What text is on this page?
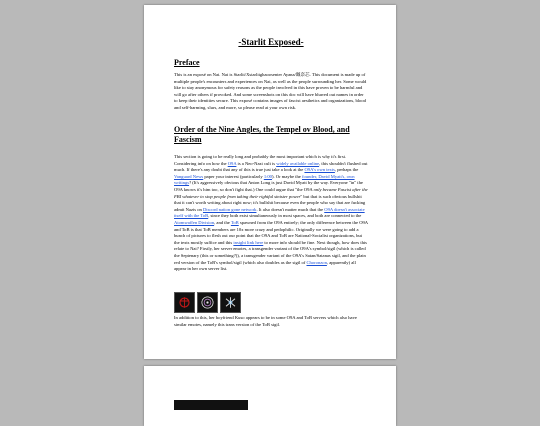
-Starlit Exposed-
Preface

This is an exposé on Nai. Nai is Starlit/Xstarlitghaoosenter Ayana/珮奈芯. This document is made up of multiple people's encounters and experiences on Nai, as well as the people surrounding her. Some would like to stay anonymous for safety reasons as the people involved in this have proven to be harmful and will go after others if provoked. And some screenshots on this doc will have blurred out names in order to keep their identities secure. This exposé contains images of fascist aesthetics and organizations, blood and self-harming, slurs, and more, so please read at your own risk.

Order of the Nine Angles, the Tempel ov Blood, and Fascism

This section is going to be really long and probably the most important which is why it's first. Considering info on how the O9A is a Neo-Nazi cult is widely available online, this shouldn't flushed out much. If there's any doubt that any of this is true just take a look at the O9A's own texts, perhaps the Vanguard News paper your interest (particularly 1:00). Or maybe the founder, David Myatt's, own writings? (It's aggressively obvious that Anton Long is just David Myatt by the way. Everyone "in" the O9A knows it's him too, so don't fight that.) One could argue that "the O9A only became Fascist after the FBI whatever to stop people from taking their rightful sinister power" but that is such obvious bullshit that it can't worth writing about right now; it's bullshit because even the people who say that are fucking admit Nazis on Discord nation gone network. It also doesn't matter much that the O9A doesn't associate itself with the ToB, since they both exist simultaneously in most spaces, and both are connected to the Atomwaffen Division, and the ToB spawned from the O9A entirely; the only difference between the O9A and ToB is that ToB members are 10x more crazy and pedophilic. Originally we were going to add a bunch of pictures to flesh out our point that the O9A and ToB are National-Socialist organizations, but the texts mostly suffice and this insight link here to more info should be fine. Next though, how does this relate to Nai? Firstly, her server emotes, a transgender variant of the O9A's symbol/sigil (which is called the Septenary (this or something?)), a transgender variant of the O9A's Satan/Satanas sigil, and the plain red version of the ToB's symbol/sigil (which also doubles as the sigil of Choronzon, apparently) all appear in her own server list.

In addition to this, her boyfriend Kuso appears to be in some O9A and ToB servers which also have similar emotes, namely this trans version of the ToB sigil.
